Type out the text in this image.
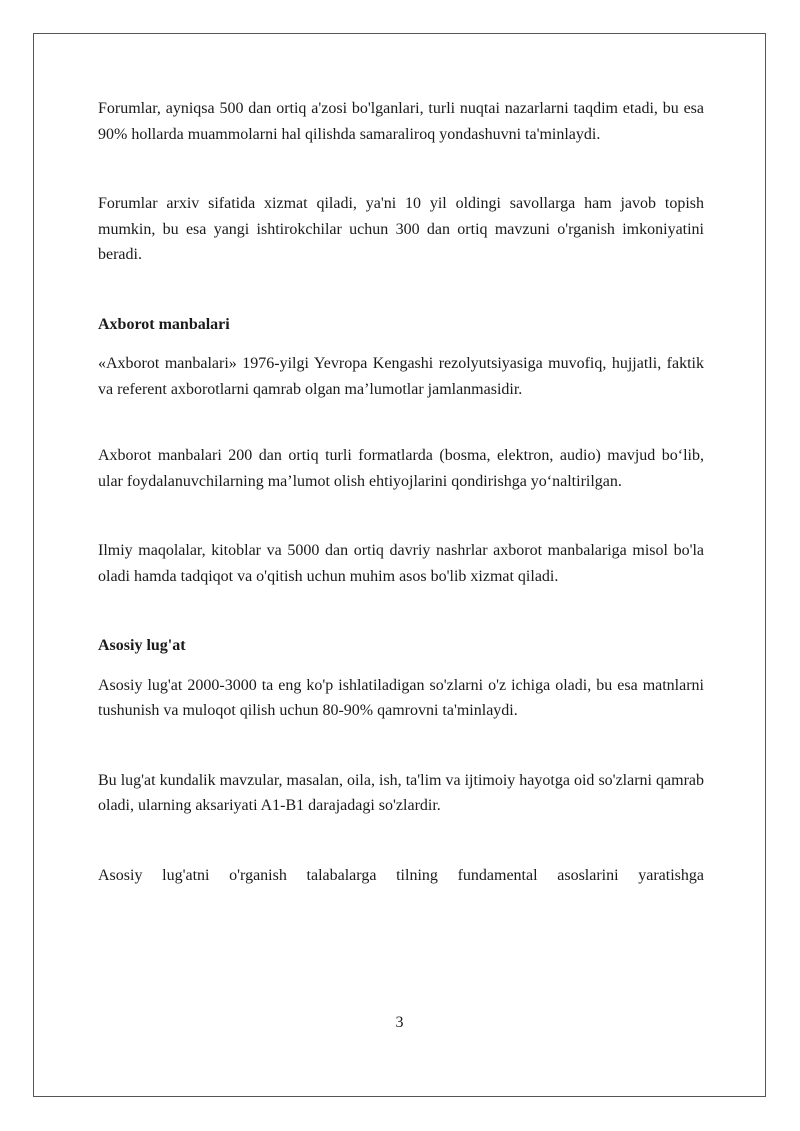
Forumlar, ayniqsa 500 dan ortiq a'zosi bo'lganlari, turli nuqtai nazarlarni taqdim etadi, bu esa 90% hollarda muammolarni hal qilishda samaraliroq yondashuvni ta'minlaydi.

Forumlar arxiv sifatida xizmat qiladi, ya'ni 10 yil oldingi savollarga ham javob topish mumkin, bu esa yangi ishtirokchilar uchun 300 dan ortiq mavzuni o'rganish imkoniyatini beradi.

Axborot manbalari

«Axborot manbalari» 1976-yilgi Yevropa Kengashi rezolyutsiyasiga muvofiq, hujjatli, faktik va referent axborotlarni qamrab olgan ma’lumotlar jamlanmasidir.

Axborot manbalari 200 dan ortiq turli formatlarda (bosma, elektron, audio) mavjud bo‘lib, ular foydalanuvchilarning ma’lumot olish ehtiyojlarini qondirishga yo‘naltirilgan.

Ilmiy maqolalar, kitoblar va 5000 dan ortiq davriy nashrlar axborot manbalariga misol bo'la oladi hamda tadqiqot va o'qitish uchun muhim asos bo'lib xizmat qiladi.

Asosiy lug'at

Asosiy lug'at 2000-3000 ta eng ko'p ishlatiladigan so'zlarni o'z ichiga oladi, bu esa matnlarni tushunish va muloqot qilish uchun 80-90% qamrovni ta'minlaydi.

Bu lug'at kundalik mavzular, masalan, oila, ish, ta'lim va ijtimoiy hayotga oid so'zlarni qamrab oladi, ularning aksariyati A1-B1 darajadagi so'zlardir.

Asosiy lug'atni o'rganish talabalarga tilning fundamental asoslarini yaratishga

3
